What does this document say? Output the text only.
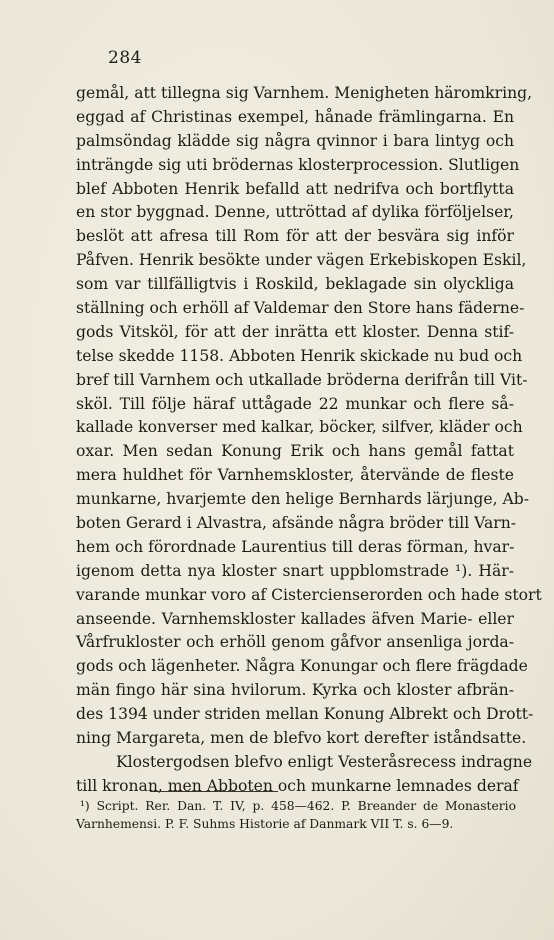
284
gemål, att tillegna sig Varnhem. Menigheten häromkring,
eggad af Christinas exempel, hånade främlingarna. En
palmsöndag klädde sig några qvinnor i bara lintyg och
inträngde sig uti brödernas klosterprocession. Slutligen
blef Abboten Henrik befalld att nedrifva och bortflytta
en stor byggnad. Denne, uttröttad af dylika förföljelser,
beslöt att afresa till Rom för att der besvära sig inför
Påfven. Henrik besökte under vägen Erkebiskopen Eskil,
som var tillfälligtvis i Roskild, beklagade sin olyckliga
ställning och erhöll af Valdemar den Store hans fäderne-
gods Vitsköl, för att der inrätta ett kloster. Denna stif-
telse skedde 1158. Abboten Henrik skickade nu bud och
bref till Varnhem och utkallade bröderna derifrån till Vit-
sköl. Till följe häraf uttågade 22 munkar och flere så-
kallade konverser med kalkar, böcker, silfver, kläder och
oxar. Men sedan Konung Erik och hans gemål fattat
mera huldhet för Varnhemskloster, återvände de fleste
munkarne, hvarjemte den helige Bernhards lärjunge, Ab-
boten Gerard i Alvastra, afsände några bröder till Varn-
hem och förordnade Laurentius till deras förman, hvar-
igenom detta nya kloster snart uppblomstrade ¹). Här-
varande munkar voro af Cistercienserorden och hade stort
anseende. Varnhemskloster kallades äfven Marie- eller
Vårfrukloster och erhöll genom gåfvor ansenliga jorda-
gods och lägenheter. Några Konungar och flere frägdade
män fingo här sina hvilorum. Kyrka och kloster afbrän-
des 1394 under striden mellan Konung Albrekt och Drott-
ning Margareta, men de blefvo kort derefter iståndsatte.
Klostergodsen blefvo enligt Vesteråsrecess indragne
till kronan, men Abboten och munkarne lemnades deraf
¹) Script. Rer. Dan. T. IV, p. 458—462. P. Breander de Monasterio
Varnhemensi. P. F. Suhms Historie af Danmark VII T. s. 6—9.
